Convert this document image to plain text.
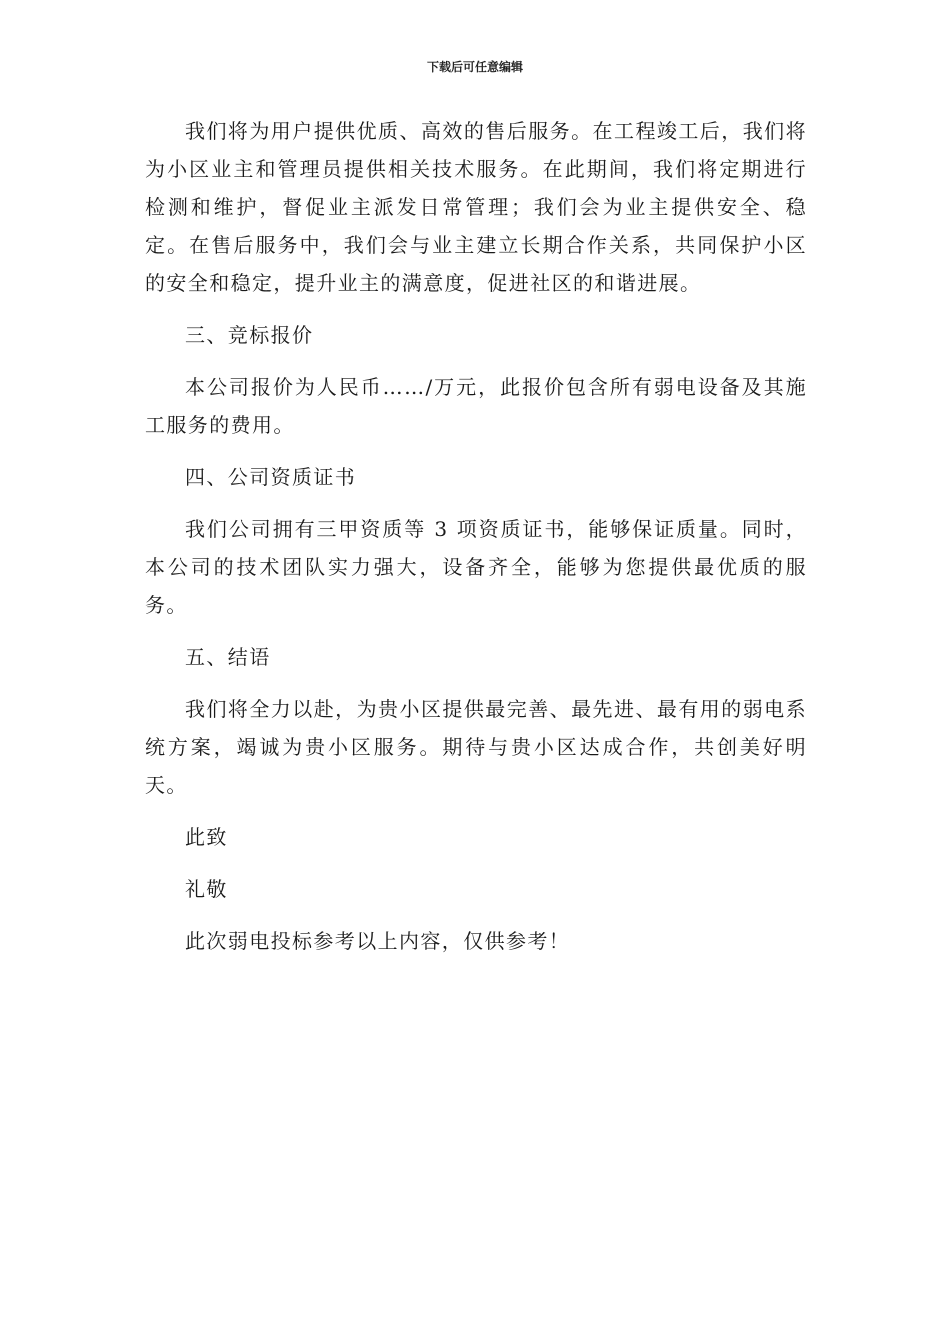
下载后可任意编辑

我们将为用户提供优质、高效的售后服务。在工程竣工后，我们将为小区业主和管理员提供相关技术服务。在此期间，我们将定期进行检测和维护，督促业主派发日常管理；我们会为业主提供安全、稳定。在售后服务中，我们会与业主建立长期合作关系，共同保护小区的安全和稳定，提升业主的满意度，促进社区的和谐进展。

三、竞标报价

本公司报价为人民币……/万元，此报价包含所有弱电设备及其施工服务的费用。

四、公司资质证书

我们公司拥有三甲资质等 3 项资质证书，能够保证质量。同时，本公司的技术团队实力强大，设备齐全，能够为您提供最优质的服务。

五、结语

我们将全力以赴，为贵小区提供最完善、最先进、最有用的弱电系统方案，竭诚为贵小区服务。期待与贵小区达成合作，共创美好明天。

此致

礼敬

此次弱电投标参考以上内容，仅供参考！
